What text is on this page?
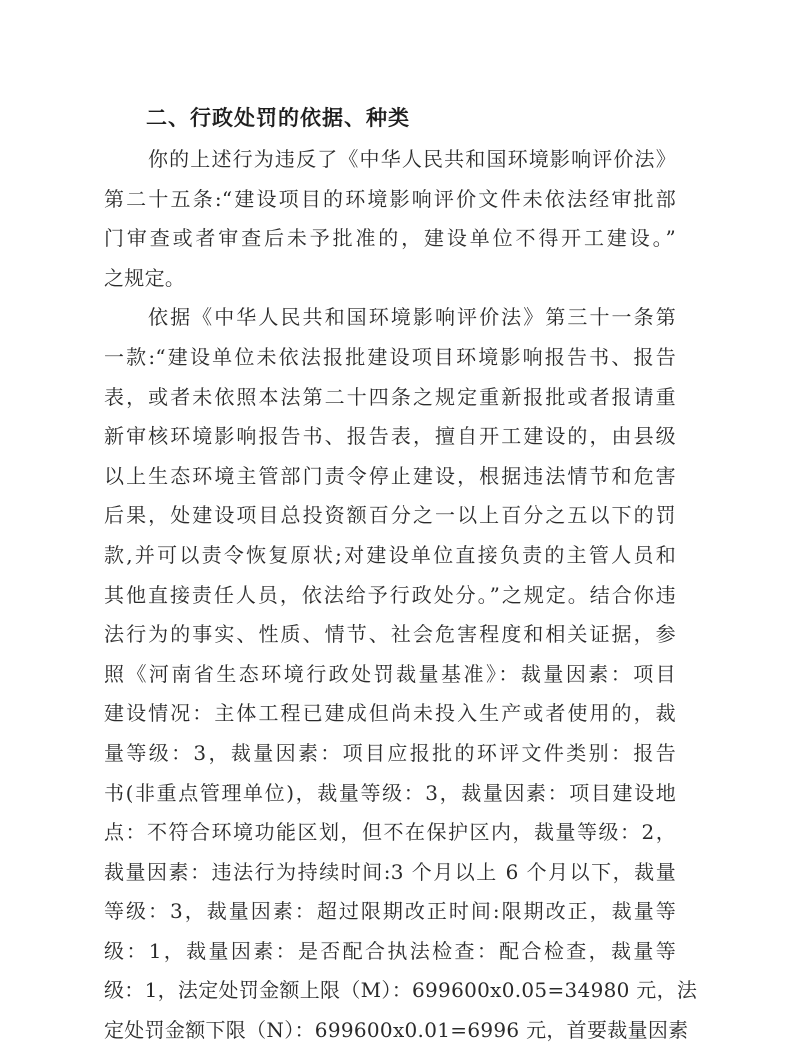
二、行政处罚的依据、种类

你的上述行为违反了《中华人民共和国环境影响评价法》
第二十五条:“建设项目的环境影响评价文件未依法经审批部
门审查或者审查后未予批准的，建设单位不得开工建设。”
之规定。

依据《中华人民共和国环境影响评价法》第三十一条第
一款:“建设单位未依法报批建设项目环境影响报告书、报告
表，或者未依照本法第二十四条之规定重新报批或者报请重
新审核环境影响报告书、报告表，擅自开工建设的，由县级
以上生态环境主管部门责令停止建设，根据违法情节和危害
后果，处建设项目总投资额百分之一以上百分之五以下的罚
款,并可以责令恢复原状;对建设单位直接负责的主管人员和
其他直接责任人员，依法给予行政处分。”之规定。结合你违
法行为的事实、性质、情节、社会危害程度和相关证据，参
照《河南省生态环境行政处罚裁量基准》：裁量因素：项目
建设情况：主体工程已建成但尚未投入生产或者使用的，裁
量等级：3，裁量因素：项目应报批的环评文件类别：报告
书(非重点管理单位)，裁量等级：3，裁量因素：项目建设地
点：不符合环境功能区划，但不在保护区内，裁量等级：2，
裁量因素：违法行为持续时间:3 个月以上 6 个月以下，裁量
等级：3，裁量因素：超过限期改正时间:限期改正，裁量等
级：1，裁量因素：是否配合执法检查：配合检查，裁量等
级：1，法定处罚金额上限（M）：699600x0.05=34980 元，法
定处罚金额下限（N）：699600x0.01=6996 元，首要裁量因素
